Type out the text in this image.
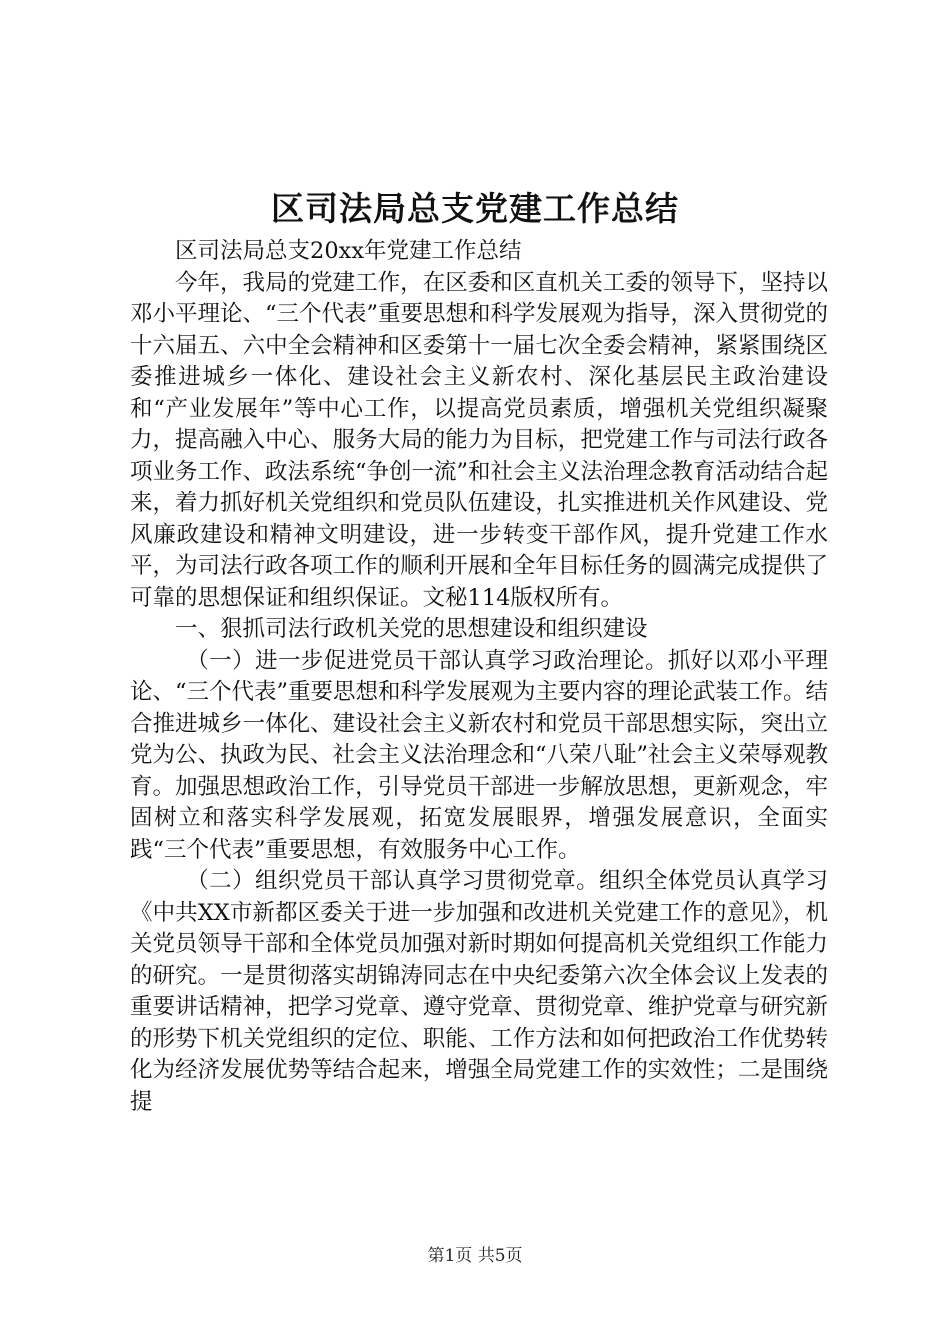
区司法局总支党建工作总结

区司法局总支20xx年党建工作总结

今年，我局的党建工作，在区委和区直机关工委的领导下，坚持以邓小平理论、“三个代表”重要思想和科学发展观为指导，深入贯彻党的十六届五、六中全会精神和区委第十一届七次全委会精神，紧紧围绕区委推进城乡一体化、建设社会主义新农村、深化基层民主政治建设和“产业发展年”等中心工作，以提高党员素质，增强机关党组织凝聚力，提高融入中心、服务大局的能力为目标，把党建工作与司法行政各项业务工作、政法系统“争创一流”和社会主义法治理念教育活动结合起来，着力抓好机关党组织和党员队伍建设，扎实推进机关作风建设、党风廉政建设和精神文明建设，进一步转变干部作风，提升党建工作水平，为司法行政各项工作的顺利开展和全年目标任务的圆满完成提供了可靠的思想保证和组织保证。文秘114版权所有。

一、狠抓司法行政机关党的思想建设和组织建设

（一）进一步促进党员干部认真学习政治理论。抓好以邓小平理论、“三个代表”重要思想和科学发展观为主要内容的理论武装工作。结合推进城乡一体化、建设社会主义新农村和党员干部思想实际，突出立党为公、执政为民、社会主义法治理念和“八荣八耻”社会主义荣辱观教育。加强思想政治工作，引导党员干部进一步解放思想，更新观念，牢固树立和落实科学发展观，拓宽发展眼界，增强发展意识，全面实践“三个代表”重要思想，有效服务中心工作。

（二）组织党员干部认真学习贯彻党章。组织全体党员认真学习《中共XX市新都区委关于进一步加强和改进机关党建工作的意见》，机关党员领导干部和全体党员加强对新时期如何提高机关党组织工作能力的研究。一是贯彻落实胡锦涛同志在中央纪委第六次全体会议上发表的重要讲话精神，把学习党章、遵守党章、贯彻党章、维护党章与研究新的形势下机关党组织的定位、职能、工作方法和如何把政治工作优势转化为经济发展优势等结合起来，增强全局党建工作的实效性；二是围绕提

第1页 共5页
